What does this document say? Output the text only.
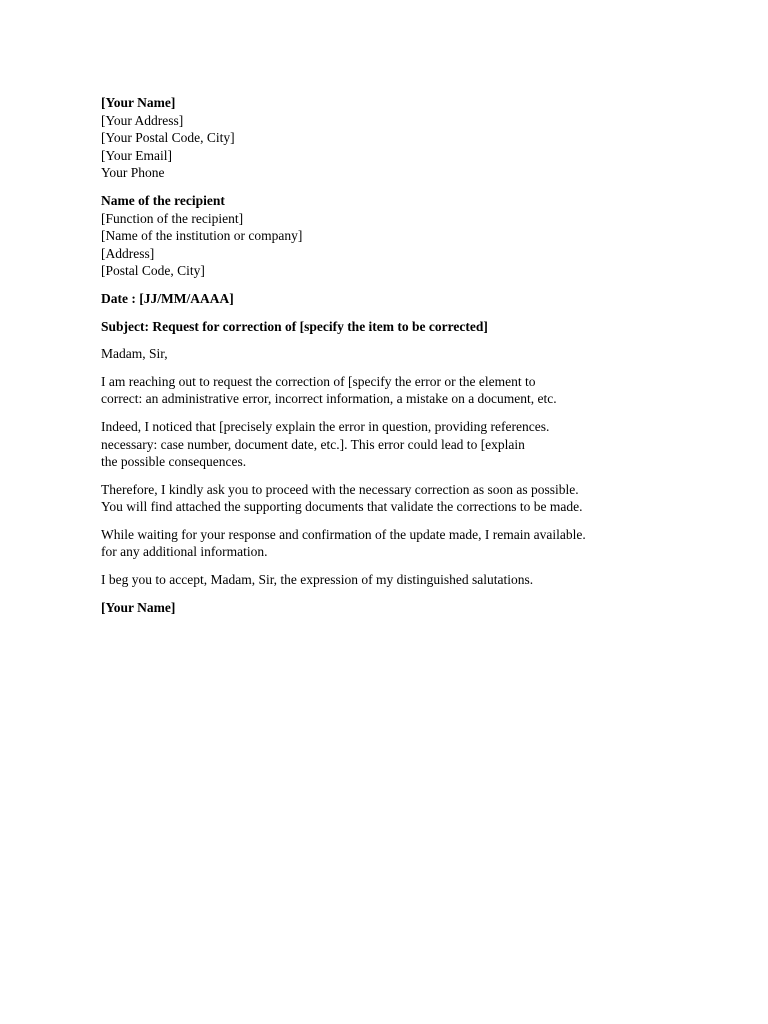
[Your Name]
[Your Address]
[Your Postal Code, City]
[Your Email]
Your Phone
Name of the recipient
[Function of the recipient]
[Name of the institution or company]
[Address]
[Postal Code, City]
Date : [JJ/MM/AAAA]
Subject: Request for correction of [specify the item to be corrected]
Madam, Sir,
I am reaching out to request the correction of [specify the error or the element to
correct: an administrative error, incorrect information, a mistake on a document, etc.
Indeed, I noticed that [precisely explain the error in question, providing references.
necessary: case number, document date, etc.]. This error could lead to [explain
the possible consequences.
Therefore, I kindly ask you to proceed with the necessary correction as soon as possible.
You will find attached the supporting documents that validate the corrections to be made.
While waiting for your response and confirmation of the update made, I remain available.
for any additional information.
I beg you to accept, Madam, Sir, the expression of my distinguished salutations.
[Your Name]
